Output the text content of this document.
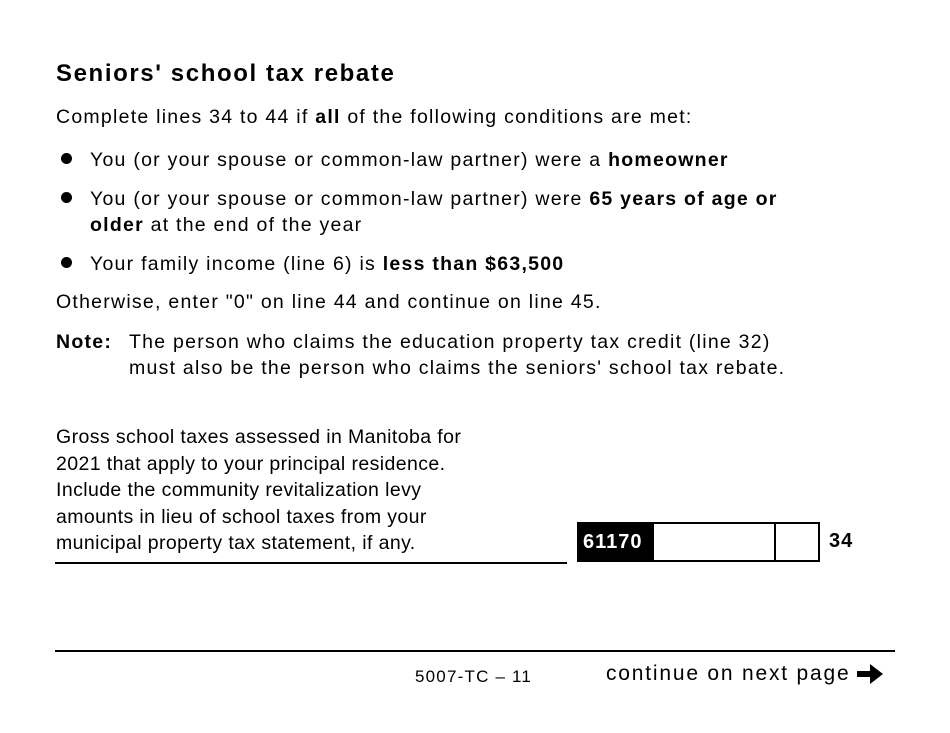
Seniors' school tax rebate
Complete lines 34 to 44 if all of the following conditions are met:
You (or your spouse or common-law partner) were a homeowner
You (or your spouse or common-law partner) were 65 years of age or
older at the end of the year
Your family income (line 6) is less than $63,500
Otherwise, enter "0" on line 44 and continue on line 45.
Note: The person who claims the education property tax credit (line 32)
must also be the person who claims the seniors' school tax rebate.
Gross school taxes assessed in Manitoba for
2021 that apply to your principal residence.
Include the community revitalization levy
amounts in lieu of school taxes from your
municipal property tax statement, if any.	61170	34
5007-TC – 11	continue on next page
